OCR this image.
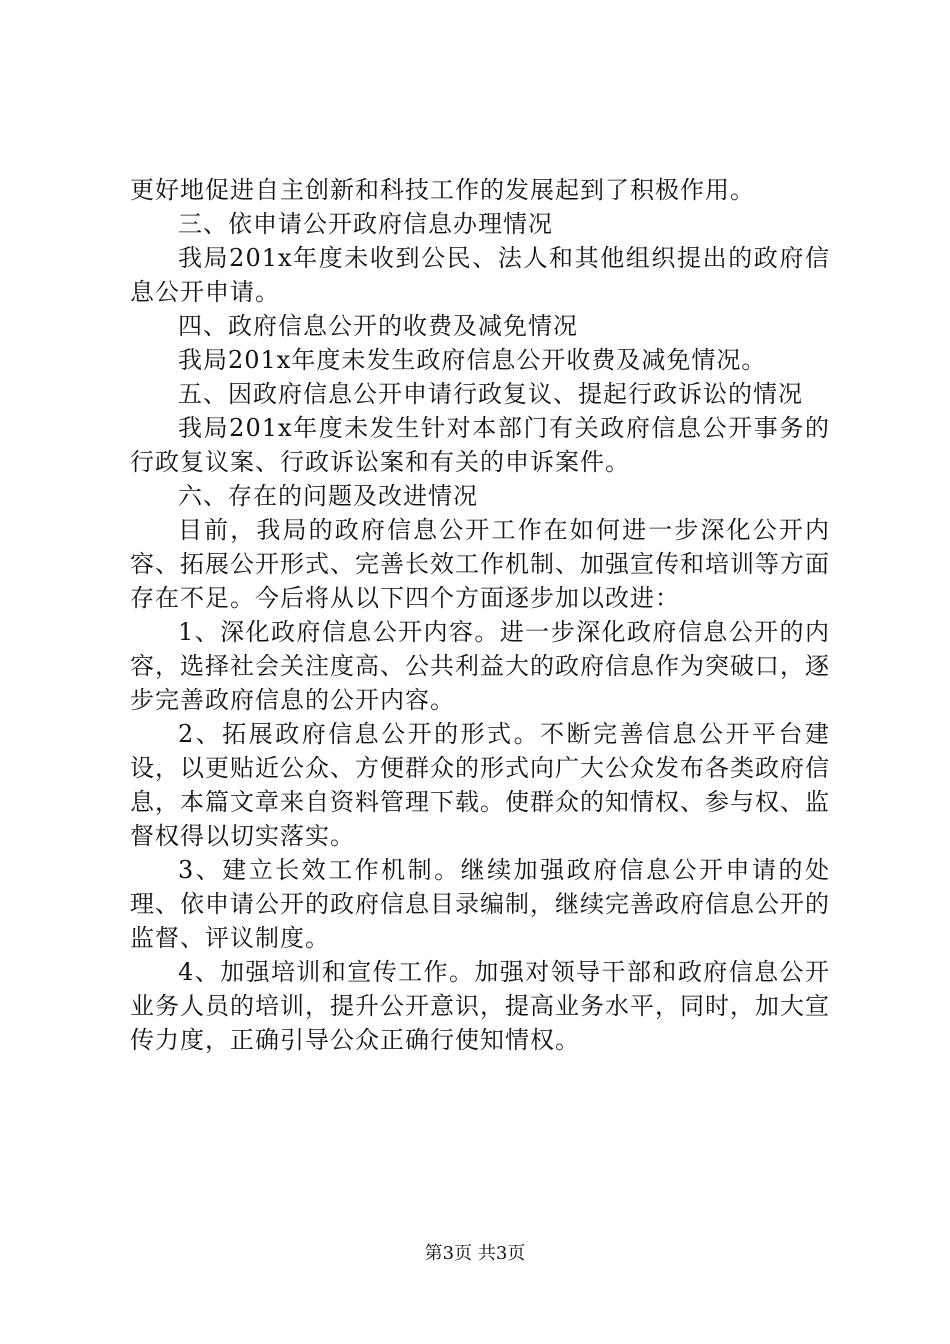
更好地促进自主创新和科技工作的发展起到了积极作用。

三、依申请公开政府信息办理情况

我局201x年度未收到公民、法人和其他组织提出的政府信息公开申请。

四、政府信息公开的收费及减免情况

我局201x年度未发生政府信息公开收费及减免情况。

五、因政府信息公开申请行政复议、提起行政诉讼的情况

我局201x年度未发生针对本部门有关政府信息公开事务的行政复议案、行政诉讼案和有关的申诉案件。

六、存在的问题及改进情况

目前，我局的政府信息公开工作在如何进一步深化公开内容、拓展公开形式、完善长效工作机制、加强宣传和培训等方面存在不足。今后将从以下四个方面逐步加以改进：

1、深化政府信息公开内容。进一步深化政府信息公开的内容，选择社会关注度高、公共利益大的政府信息作为突破口，逐步完善政府信息的公开内容。

2、拓展政府信息公开的形式。不断完善信息公开平台建设，以更贴近公众、方便群众的形式向广大公众发布各类政府信息，本篇文章来自资料管理下载。使群众的知情权、参与权、监督权得以切实落实。

3、建立长效工作机制。继续加强政府信息公开申请的处理、依申请公开的政府信息目录编制，继续完善政府信息公开的监督、评议制度。

4、加强培训和宣传工作。加强对领导干部和政府信息公开业务人员的培训，提升公开意识，提高业务水平，同时，加大宣传力度，正确引导公众正确行使知情权。

第3页 共3页
